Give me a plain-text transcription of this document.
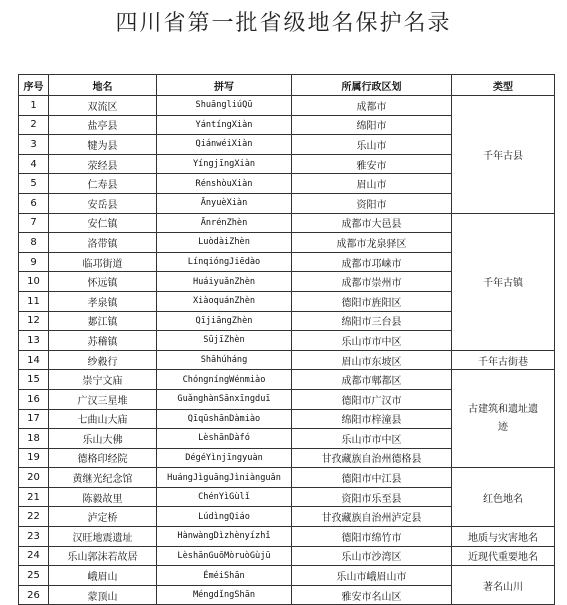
四川省第一批省级地名保护名录
序号	地名	拼写	所属行政区划	类型
1	双流区	ShuāngliúQū	成都市	千年古县
2	盐亭县	YántíngXiàn	绵阳市	
3	犍为县	QiánwéiXiàn	乐山市	
4	荥经县	YíngjīngXiàn	雅安市	
5	仁寿县	RénshòuXiàn	眉山市	
6	安岳县	ĀnyuèXiàn	资阳市	
7	安仁镇	ĀnrénZhèn	成都市大邑县	千年古镇
8	洛带镇	LuòdàiZhèn	成都市龙泉驿区	
9	临邛街道	LínqióngJiēdào	成都市邛崃市	
10	怀远镇	HuáiyuǎnZhèn	成都市崇州市	
11	孝泉镇	XiàoquánZhèn	德阳市旌阳区	
12	郪江镇	QījiāngZhèn	绵阳市三台县	
13	苏稽镇	SūjīZhèn	乐山市市中区	
14	纱縠行	Shāhúháng	眉山市东坡区	千年古街巷
15	崇宁文庙	ChóngníngWénmiào	成都市郫都区	古建筑和遗址遗迹
16	广汉三星堆	GuǎnghànSānxīngduī	德阳市广汉市	
17	七曲山大庙	QīqūshānDàmiào	绵阳市梓潼县	
18	乐山大佛	LèshānDàfó	乐山市市中区	
19	德格印经院	DégéYìnjīngyuàn	甘孜藏族自治州德格县	
20	黄继光纪念馆	HuángJìguāngJìniànguǎn	德阳市中江县	红色地名
21	陈毅故里	ChénYìGùlǐ	资阳市乐至县	
22	泸定桥	LúdìngQiáo	甘孜藏族自治州泸定县	
23	汉旺地震遗址	HànwàngDìzhènyízhǐ	德阳市绵竹市	地质与灾害地名
24	乐山郭沫若故居	LèshānGuōMòruòGùjū	乐山市沙湾区	近现代重要地名
25	峨眉山	ÉméiShān	乐山市峨眉山市	著名山川
26	蒙顶山	MéngdǐngShān	雅安市名山区	
